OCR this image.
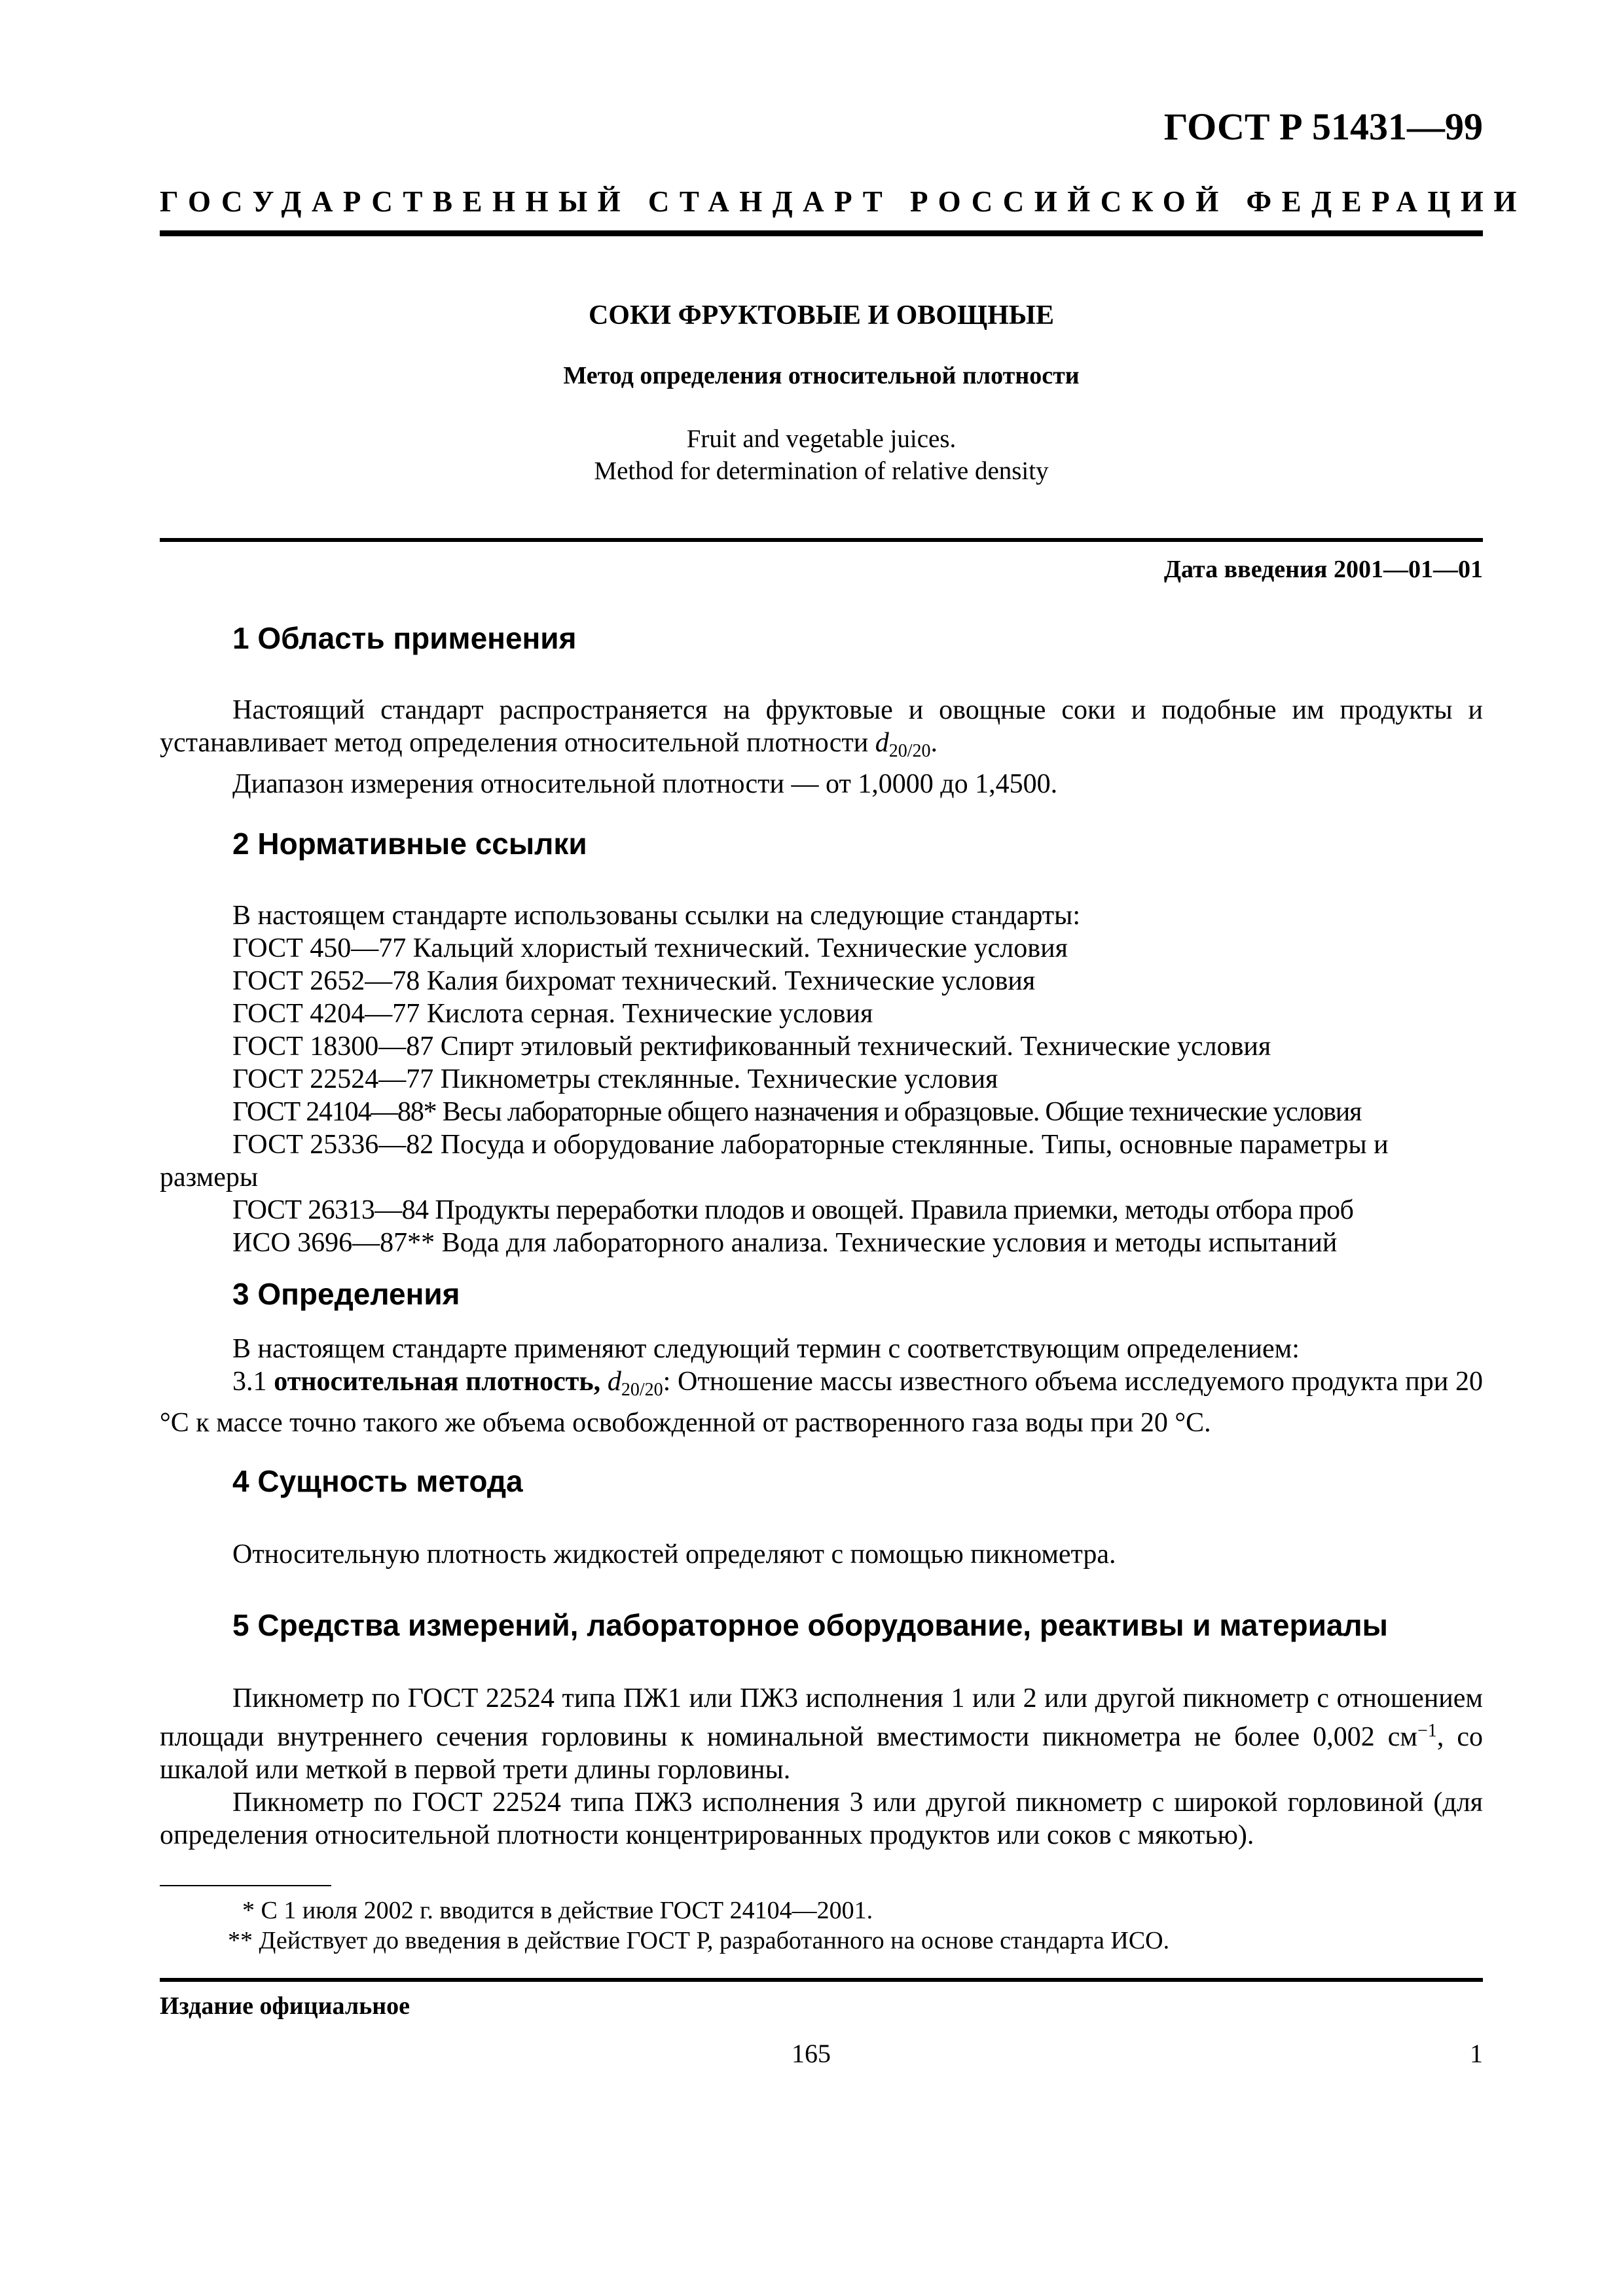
ГОСТ Р 51431—99
ГОСУДАРСТВЕННЫЙ СТАНДАРТ РОССИЙСКОЙ ФЕДЕРАЦИИ
СОКИ ФРУКТОВЫЕ И ОВОЩНЫЕ
Метод определения относительной плотности
Fruit and vegetable juices.
Method for determination of relative density
Дата введения 2001—01—01
1 Область применения

Настоящий стандарт распространяется на фруктовые и овощные соки и подобные им продукты и устанавливает метод определения относительной плотности $d_{20/20}$.

Диапазон измерения относительной плотности — от 1,0000 до 1,4500.

2 Нормативные ссылки

В настоящем стандарте использованы ссылки на следующие стандарты:

ГОСТ 450—77 Кальций хлористый технический. Технические условия

ГОСТ 2652—78 Калия бихромат технический. Технические условия

ГОСТ 4204—77 Кислота серная. Технические условия

ГОСТ 18300—87 Спирт этиловый ректификованный технический. Технические условия

ГОСТ 22524—77 Пикнометры стеклянные. Технические условия

ГОСТ 24104—88* Весы лабораторные общего назначения и образцовые. Общие технические условия

ГОСТ 25336—82 Посуда и оборудование лабораторные стеклянные. Типы, основные параметры и размеры

ГОСТ 26313—84 Продукты переработки плодов и овощей. Правила приемки, методы отбора проб

ИСО 3696—87** Вода для лабораторного анализа. Технические условия и методы испытаний

3 Определения

В настоящем стандарте применяют следующий термин с соответствующим определением:

3.1 относительная плотность, $d_{20/20}$: Отношение массы известного объема исследуемого продукта при 20 °С к массе точно такого же объема освобожденной от растворенного газа воды при 20 °С.

4 Сущность метода

Относительную плотность жидкостей определяют с помощью пикнометра.

5 Средства измерений, лабораторное оборудование, реактивы и материалы

Пикнометр по ГОСТ 22524 типа ПЖ1 или ПЖ3 исполнения 1 или 2 или другой пикнометр с отношением площади внутреннего сечения горловины к номинальной вместимости пикнометра не более 0,002 $см^{-1}$, со шкалой или меткой в первой трети длины горловины.

Пикнометр по ГОСТ 22524 типа ПЖ3 исполнения 3 или другой пикнометр с широкой горловиной (для определения относительной плотности концентрированных продуктов или соков с мякотью).

* С 1 июля 2002 г. вводится в действие ГОСТ 24104—2001.

** Действует до введения в действие ГОСТ Р, разработанного на основе стандарта ИСО.

Издание официальное
165	1
